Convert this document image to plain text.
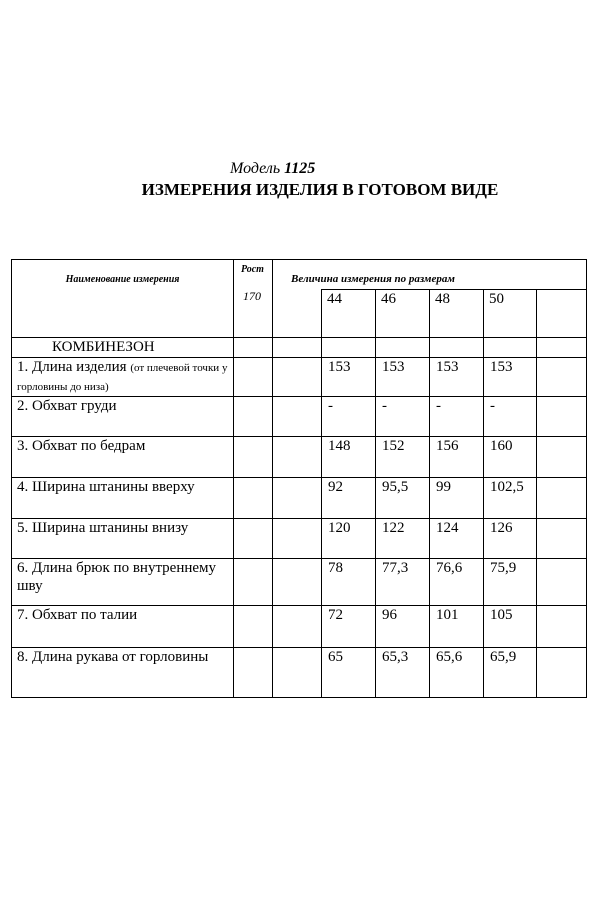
Модель 1125
ИЗМЕРЕНИЯ ИЗДЕЛИЯ В ГОТОВОМ ВИДЕ
Наименование измерения	Рост
170	Величина измерения по размерам					
			44	46	48	50	
КОМБИНЕЗОН							
1. Длина изделия (от плечевой точки у горловины до низа)			153	153	153	153	
2. Обхват груди			-	-	-	-	
3. Обхват по бедрам			148	152	156	160	
4. Ширина штанины вверху			92	95,5	99	102,5	
5. Ширина штанины внизу			120	122	124	126	
6. Длина брюк по внутреннему шву			78	77,3	76,6	75,9	
7. Обхват по талии			72	96	101	105	
8. Длина рукава от горловины			65	65,3	65,6	65,9	
